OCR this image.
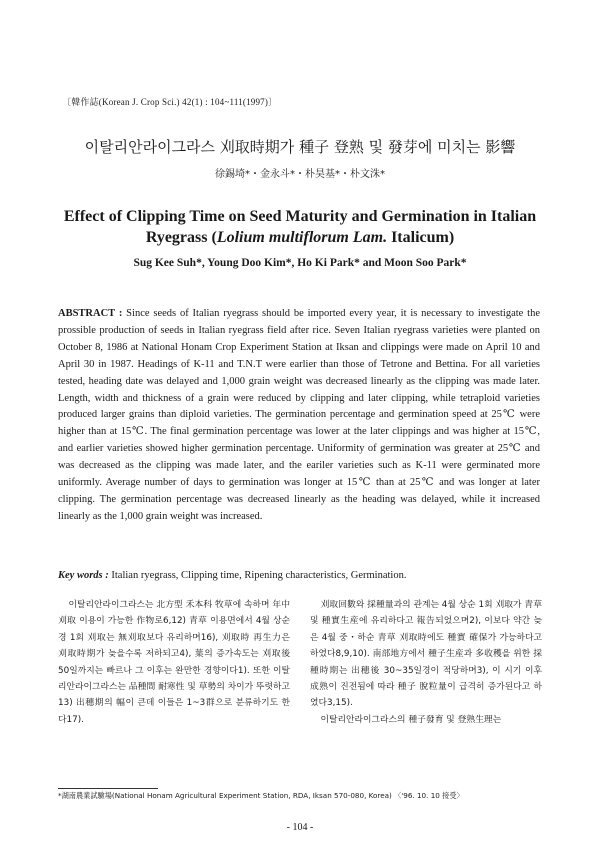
〔韓作誌(Korean J. Crop Sci.) 42(1) : 104~111(1997)〕
이탈리안라이그라스 刈取時期가 種子 登熟 및 發芽에 미치는 影響
徐錫埼*・金永斗*・朴昊基*・朴文洙*
Effect of Clipping Time on Seed Maturity and Germination in Italian Ryegrass (Lolium multiflorum Lam. Italicum)
Sug Kee Suh*, Young Doo Kim*, Ho Ki Park* and Moon Soo Park*
ABSTRACT : Since seeds of Italian ryegrass should be imported every year, it is necessary to investigate the prossible production of seeds in Italian ryegrass field after rice. Seven Italian ryegrass varieties were planted on October 8, 1986 at National Honam Crop Experiment Station at Iksan and clippings were made on April 10 and April 30 in 1987. Headings of K-11 and T.N.T were earlier than those of Tetrone and Bettina. For all varieties tested, heading date was delayed and 1,000 grain weight was decreased linearly as the clipping was made later. Length, width and thickness of a grain were reduced by clipping and later clipping, while tetraploid varieties produced larger grains than diploid varieties. The germination percentage and germination speed at 25℃ were higher than at 15℃. The final germination percentage was lower at the later clippings and was higher at 15℃, and earlier varieties showed higher germination percentage. Uniformity of germination was greater at 25℃ and was decreased as the clipping was made later, and the eariler varieties such as K-11 were germinated more uniformly. Average number of days to germination was longer at 15℃ than at 25℃ and was longer at later clipping. The germination percentage was decreased linearly as the heading was delayed, while it increased linearly as the 1,000 grain weight was increased.
Key words : Italian ryegrass, Clipping time, Ripening characteristics, Germination.

이탈리안라이그라스는 北方型 禾本科 牧草에 속하며 年中 刈取 이용이 가능한 作物로6,12) 青草 이용면에서 4월 상순경 1회 刈取는 無刈取보다 유리하며16), 刈取時 再生力은 刈取時期가 늦을수록 저하되고4), 葉의 증가속도는 刈取後 50일까지는 빠르나 그 이후는 완만한 경향이다1). 또한 이탈리안라이그라스는 品種間 耐寒性 및 草勢의 차이가 뚜렷하고13) 出穗期의 幅이 큰데 이들은 1~3群으로 분류하기도 한다17).

刈取回數와 採種量과의 관계는 4월 상순 1회 刈取가 青草 및 種實生産에 유리하다고 報告되었으며2), 이보다 약간 늦은 4월 중・하순 青草 刈取時에도 種實 確保가 가능하다고 하였다8,9,10). 南部地方에서 種子生産과 多收穫을 위한 採種時期는 出穗後 30~35일경이 적당하며3), 이 시기 이후 成熟이 진전됨에 따라 種子 脫粒量이 급격히 증가된다고 하였다3,15).

이탈리안라이그라스의 種子發育 및 登熟生理는

*湖南農業試驗場(National Honam Agricultural Experiment Station, RDA, Iksan 570-080, Korea) 〈'96. 10. 10 接受〉
- 104 -
